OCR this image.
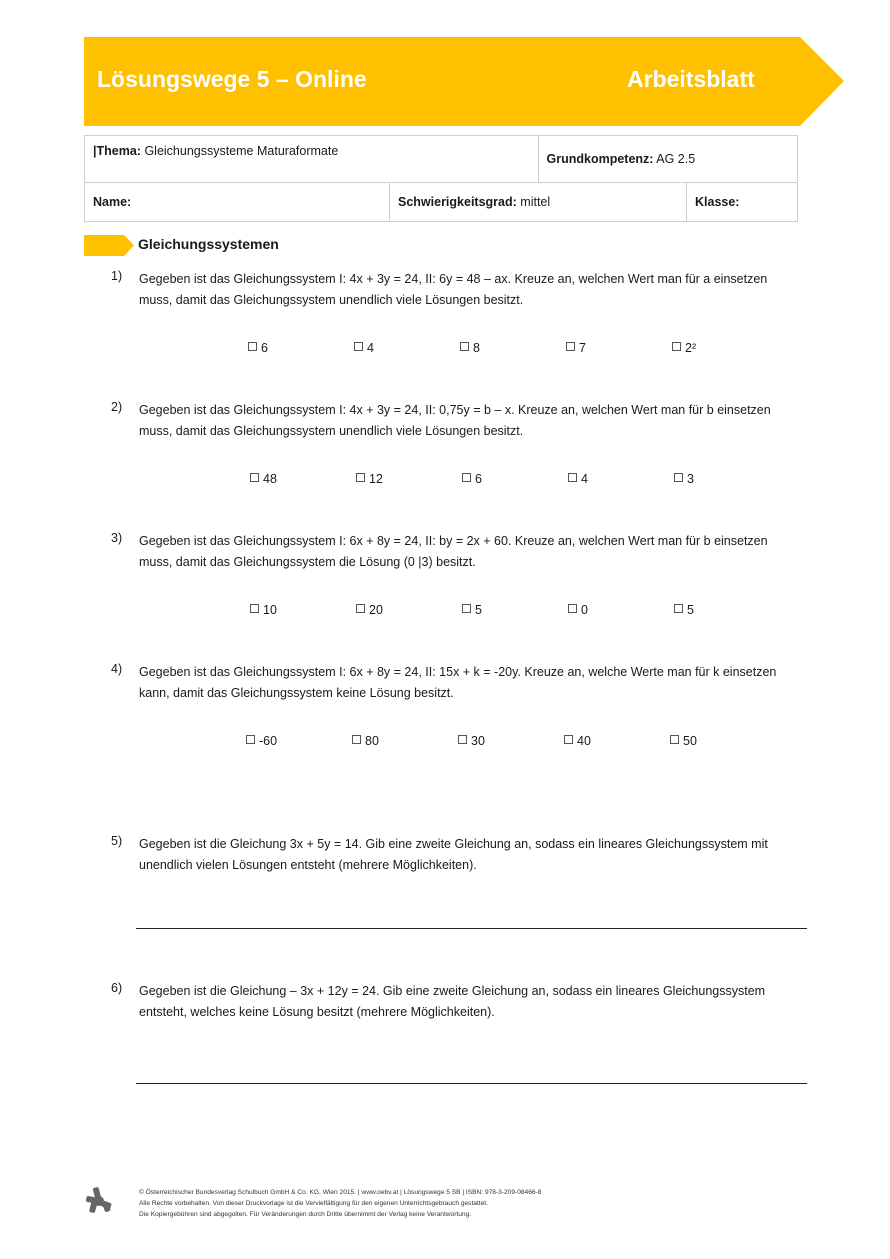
Lösungswege 5 – Online	Arbeitsblatt
|Thema: Gleichungssysteme Maturaformate		Grundkompetenz: AG 2.5	
Name:	Schwierigkeitsgrad: mittel		Klasse:
Gleichungssystemen
1) Gegeben ist das Gleichungssystem I: 4x + 3y = 24, II: 6y = 48 – ax. Kreuze an, welchen Wert man für a einsetzen muss, damit das Gleichungssystem unendlich viele Lösungen besitzt.
6	4	8	7	2²
2) Gegeben ist das Gleichungssystem I: 4x + 3y = 24, II: 0,75y = b – x. Kreuze an, welchen Wert man für b einsetzen muss, damit das Gleichungssystem unendlich viele Lösungen besitzt.
48	12	6	4	3
3) Gegeben ist das Gleichungssystem I: 6x + 8y = 24, II: by = 2x + 60. Kreuze an, welchen Wert man für b einsetzen muss, damit das Gleichungssystem die Lösung (0 |3) besitzt.
10	20	5	0	5
4) Gegeben ist das Gleichungssystem I: 6x + 8y = 24, II: 15x + k = -20y. Kreuze an, welche Werte man für k einsetzen kann, damit das Gleichungssystem keine Lösung besitzt.
-60	80	30	40	50
5) Gegeben ist die Gleichung 3x + 5y = 14. Gib eine zweite Gleichung an, sodass ein lineares Gleichungssystem mit unendlich vielen Lösungen entsteht (mehrere Möglichkeiten).
6) Gegeben ist die Gleichung – 3x + 12y = 24. Gib eine zweite Gleichung an, sodass ein lineares Gleichungssystem entsteht, welches keine Lösung besitzt (mehrere Möglichkeiten).
© Österreichischer Bundesverlag Schulbuch GmbH & Co. KG, Wien 2015. | www.oebv.at | Lösungswege 5 SB | ISBN: 978-3-209-08466-8
Alle Rechte vorbehalten. Von dieser Druckvorlage ist die Vervielfältigung für den eigenen Unterrichtsgebrauch gestattet.
Die Kopiergebühren sind abgegolten. Für Veränderungen durch Dritte übernimmt der Verlag keine Verantwortung.
